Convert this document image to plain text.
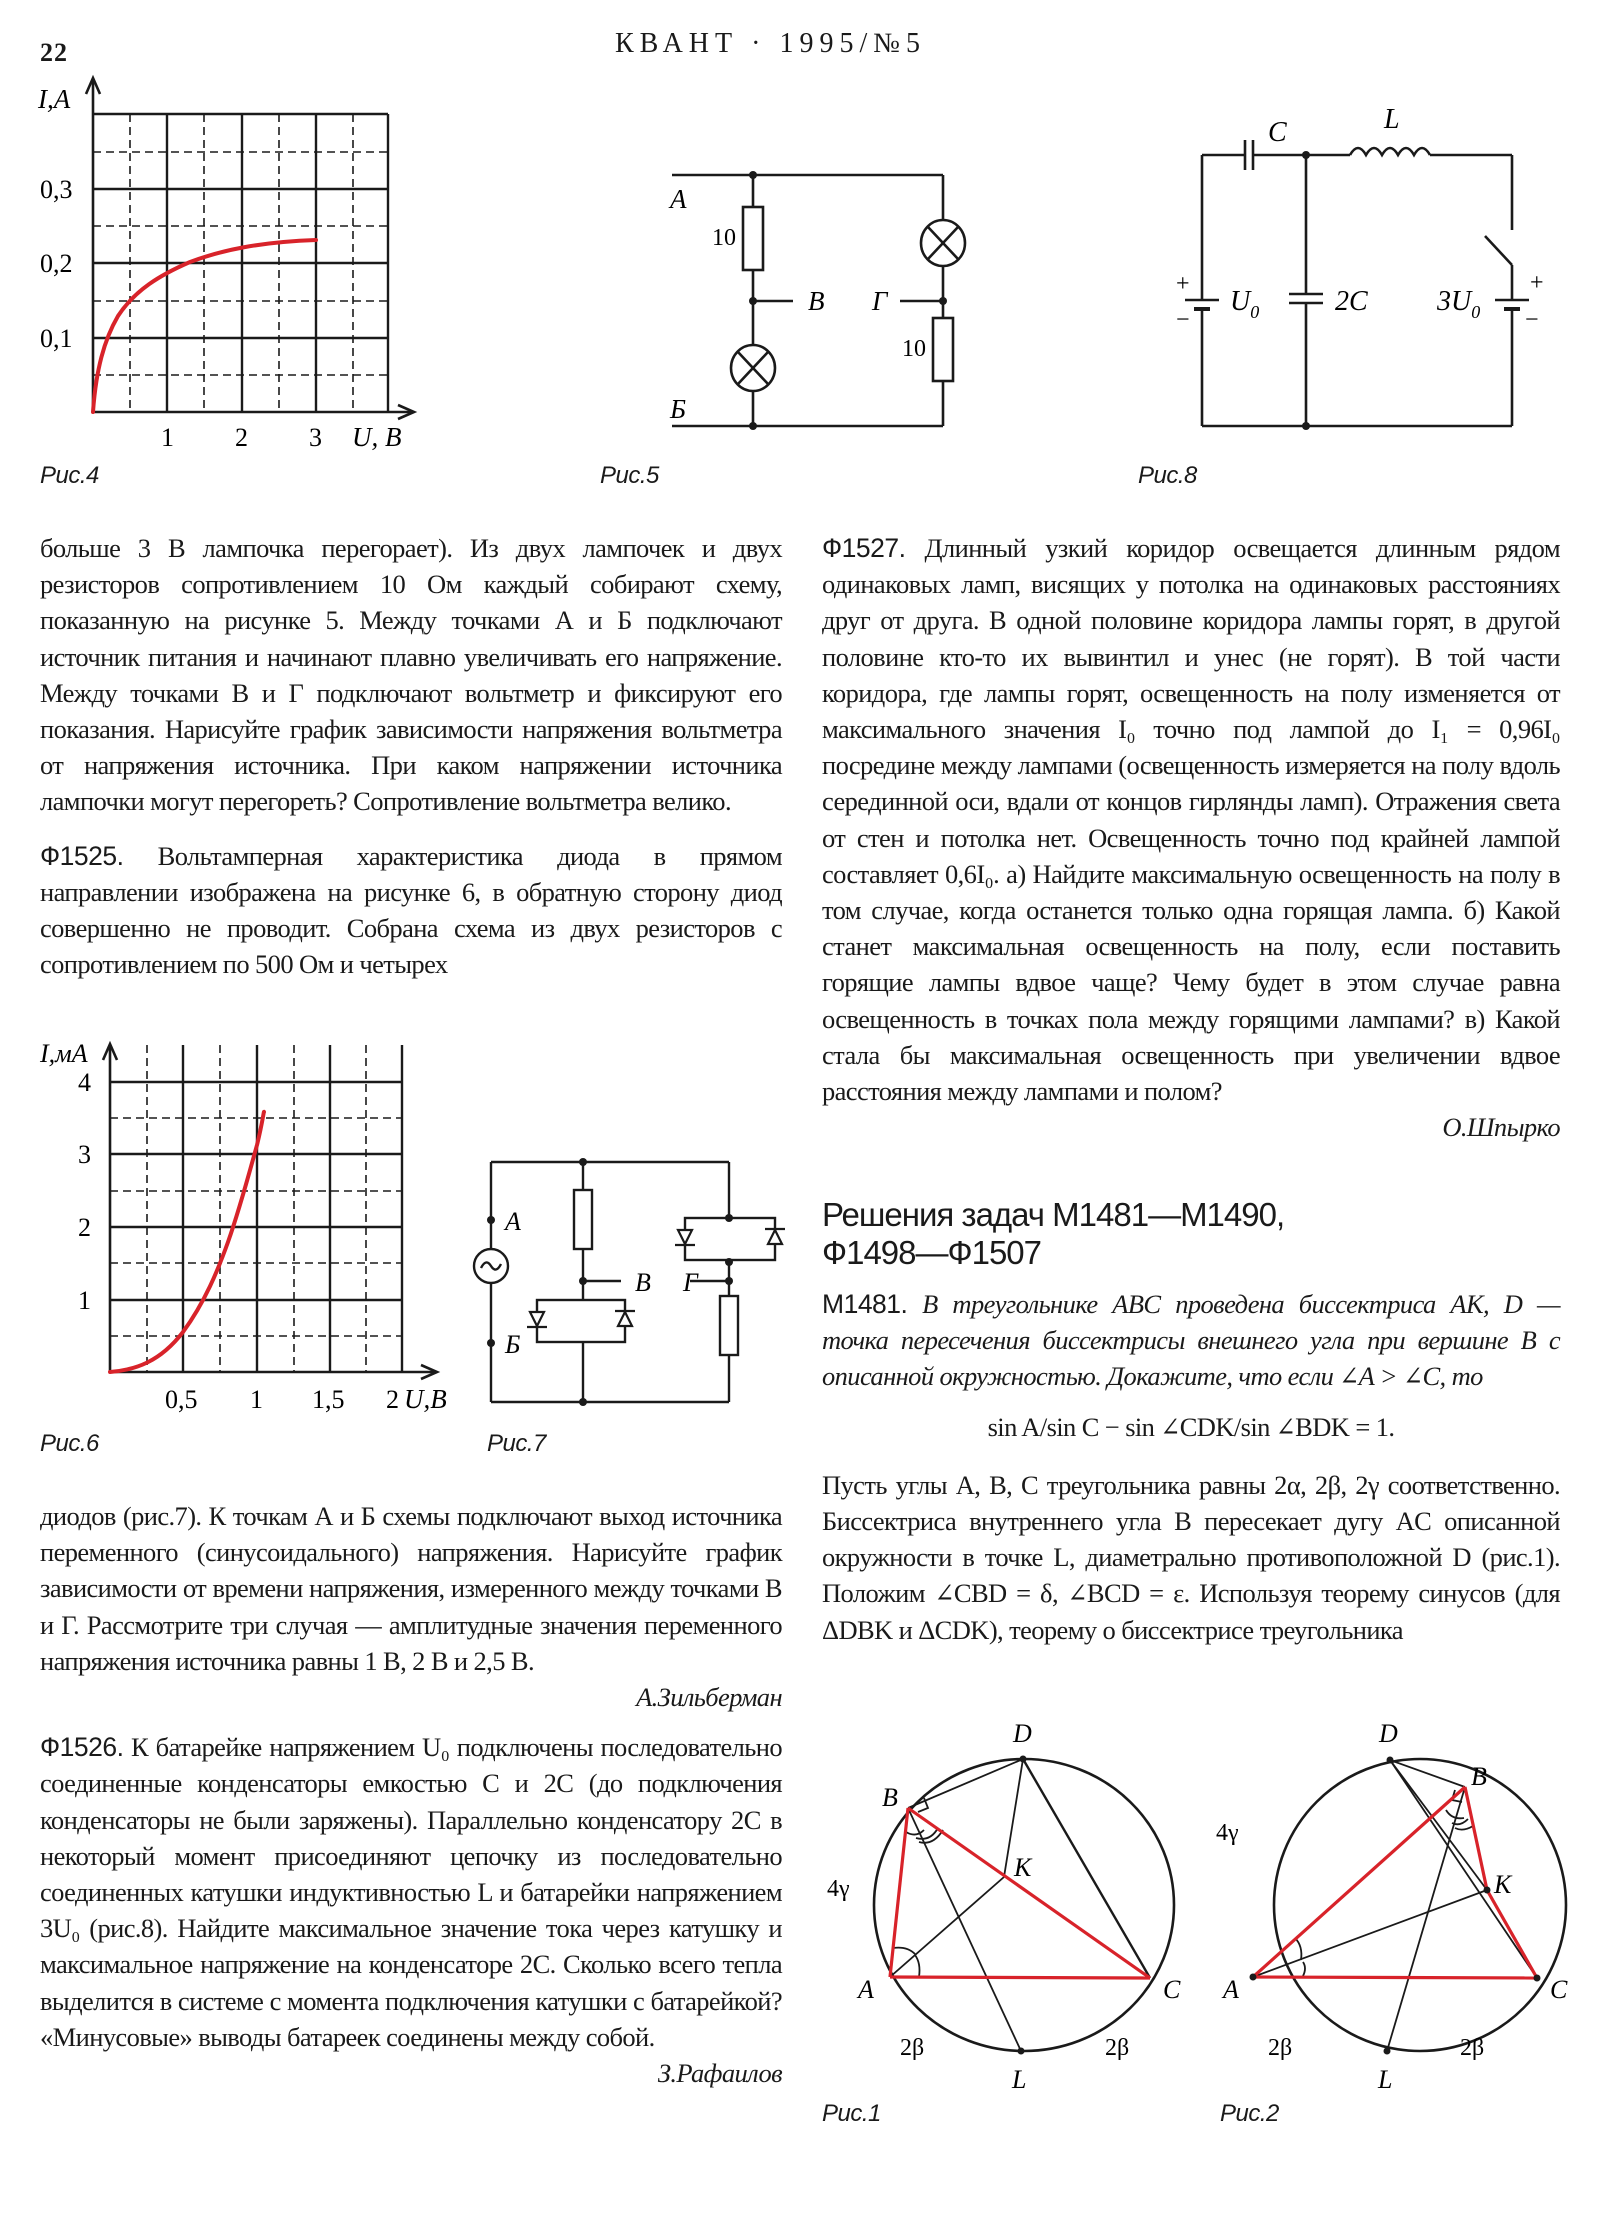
22	КВАНТ · 1995/№5
I,A
0,3
0,2
0,1
1 2 3 U, B
Рис.4
A
Б
В Г
10
10
Рис.5
C	L
+
−
$U_0$	2C $3U_0$
+
−
Рис.8

больше 3 В лампочка перегорает). Из двух лампочек и двух резисторов сопротивлением 10 Ом каждый собирают схему, показанную на рисунке 5. Между точками А и Б подключают источник питания и начинают плавно увеличивать его напряжение. Между точками В и Г подключают вольтметр и фиксируют его показания. Нарисуйте график зависимости напряжения вольтметра от напряжения источника. При каком напряжении источника лампочки могут перегореть? Сопротивление вольтметра велико.

Ф1525. Вольтамперная характеристика диода в прямом направлении изображена на рисунке 6, в обратную сторону диод совершенно не проводит. Собрана схема из двух резисторов с сопротивлением по 500 Ом и четырех

I,мA
4
3
2
1
0,5 1 1,5 2 U,B
Рис.6
A
Б
В Г
Рис.7

диодов (рис.7). К точкам А и Б схемы подключают выход источника переменного (синусоидального) напряжения. Нарисуйте график зависимости от времени напряжения, измеренного между точками В и Г. Рассмотрите три случая — амплитудные значения переменного напряжения источника равны 1 В, 2 В и 2,5 В.

А.Зильберман

Ф1526. К батарейке напряжением U₀ подключены последовательно соединенные конденсаторы емкостью C и 2C (до подключения конденсаторы не были заряжены). Параллельно конденсатору 2C в некоторый момент присоединяют цепочку из последовательно соединенных катушки индуктивностью L и батарейки напряжением 3U₀ (рис.8). Найдите максимальное значение тока через катушку и максимальное напряжение на конденсаторе 2C. Сколько всего тепла выделится в системе с момента подключения катушки с батарейкой? «Минусовые» выводы батареек соединены между собой.

З.Рафаилов

Ф1527. Длинный узкий коридор освещается длинным рядом одинаковых ламп, висящих у потолка на одинаковых расстояниях друг от друга. В одной половине коридора лампы горят, в другой половине кто-то их вывинтил и унес (не горят). В той части коридора, где лампы горят, освещенность на полу изменяется от максимального значения I₀ точно под лампой до I₁ = 0,96I₀ посредине между лампами (освещенность измеряется на полу вдоль серединной оси, вдали от концов гирлянды ламп). Отражения света от стен и потолка нет. Освещенность точно под крайней лампой составляет 0,6I₀. а) Найдите максимальную освещенность на полу в том случае, когда останется только одна горящая лампа. б) Какой станет максимальная освещенность на полу, если поставить горящие лампы вдвое чаще? Чему будет в этом случае равна освещенность в точках пола между горящими лампами? в) Какой стала бы максимальная освещенность при увеличении вдвое расстояния между лампами и полом?

О.Шпырко
Решения задач М1481—М1490,
Ф1498—Ф1507

М1481. В треугольнике ABC проведена биссектриса AK, D — точка пересечения биссектрисы внешнего угла при вершине B с описанной окружностью. Докажите, что если ∠A > ∠C, то

sin A/sin C − sin ∠CDK/sin ∠BDK = 1.

Пусть углы A, B, C треугольника равны 2α, 2β, 2γ соответственно. Биссектриса внутреннего угла B пересекает дугу AC описанной окружности в точке L, диаметрально противоположной D (рис.1). Положим ∠CBD = δ, ∠BCD = ε. Используя теорему синусов (для ΔDBK и ΔCDK), теорему о биссектрисе треугольника

D
B
K
A	C
L
4γ
2β	2β
Рис.1
D
B
K
A	C
L
4γ
2β	2β
Рис.2
